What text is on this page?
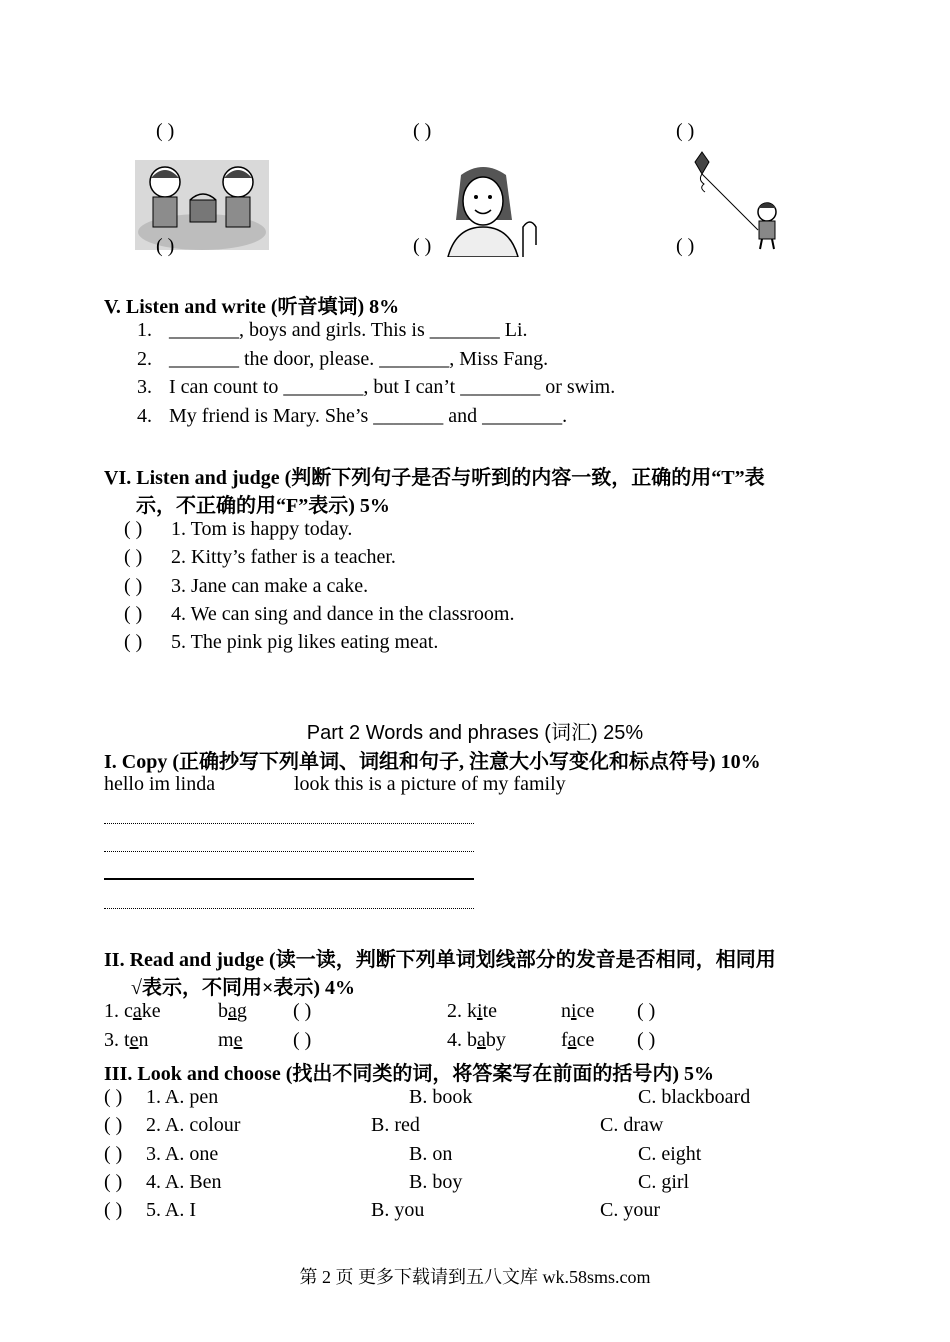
( )	( )	( )
( )	( )	( )
V. Listen and write (听音填词) 8%
1. _______, boys and girls. This is _______ Li.
2. _______ the door, please. _______, Miss Fang.
3. I can count to ________, but I can’t ________ or swim.
4. My friend is Mary. She’s _______ and ________.
VI. Listen and judge (判断下列句子是否与听到的内容一致，正确的用“T”表
示，不正确的用“F”表示) 5%
( ) 1. Tom is happy today.
( ) 2. Kitty’s father is a teacher.
( ) 3. Jane can make a cake.
( ) 4. We can sing and dance in the classroom.
( ) 5. The pink pig likes eating meat.
Part 2 Words and phrases (词汇) 25%
I. Copy (正确抄写下列单词、词组和句子, 注意大小写变化和标点符号) 10%
hello im linda	look this is a picture of my family
II. Read and judge (读一读，判断下列单词划线部分的发音是否相同，相同用
√表示，不同用×表示) 4%
1. cake	bag ( )	2. kite	nice ( )
3. ten	me	( )	4. baby	face ( )
III. Look and choose (找出不同类的词，将答案写在前面的括号内) 5%
( ) 1. A. pen	B. book	C. blackboard
( ) 2. A. colour	B. red	C. draw
( ) 3. A. one	B. on	C. eight
( ) 4. A. Ben	B. boy	C. girl
( ) 5. A. I	B. you	C. your
第 2 页 更多下载请到五八文库 wk.58sms.com
